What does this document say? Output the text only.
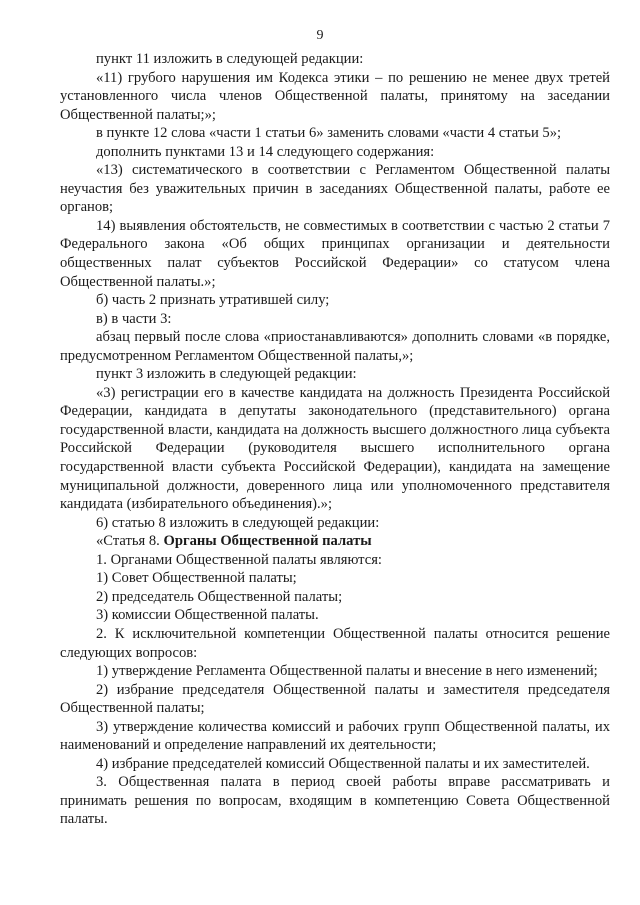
9

пункт 11 изложить в следующей редакции:

«11) грубого нарушения им Кодекса этики – по решению не менее двух третей установленного числа членов Общественной палаты, принятому на заседании Общественной палаты;»;

в пункте 12 слова «части 1 статьи 6» заменить словами «части 4 статьи 5»;

дополнить пунктами 13 и 14 следующего содержания:

«13) систематического в соответствии с Регламентом Общественной палаты неучастия без уважительных причин в заседаниях Общественной палаты, работе ее органов;

14) выявления обстоятельств, не совместимых в соответствии с частью 2 статьи 7 Федерального закона «Об общих принципах организации и деятельности общественных палат субъектов Российской Федерации» со статусом члена Общественной палаты.»;

б) часть 2 признать утратившей силу;

в) в части 3:

абзац первый после слова «приостанавливаются» дополнить словами «в порядке, предусмотренном Регламентом Общественной палаты,»;

пункт 3 изложить в следующей редакции:

«3) регистрации его в качестве кандидата на должность Президента Российской Федерации, кандидата в депутаты законодательного (представительного) органа государственной власти, кандидата на должность высшего должностного лица субъекта Российской Федерации (руководителя высшего исполнительного органа государственной власти субъекта Российской Федерации), кандидата на замещение муниципальной должности, доверенного лица или уполномоченного представителя кандидата (избирательного объединения).»;

6) статью 8 изложить в следующей редакции:

«Статья 8. Органы Общественной палаты

1. Органами Общественной палаты являются:

1) Совет Общественной палаты;

2) председатель Общественной палаты;

3) комиссии Общественной палаты.

2. К исключительной компетенции Общественной палаты относится решение следующих вопросов:

1) утверждение Регламента Общественной палаты и внесение в него изменений;

2) избрание председателя Общественной палаты и заместителя председателя Общественной палаты;

3) утверждение количества комиссий и рабочих групп Общественной палаты, их наименований и определение направлений их деятельности;

4) избрание председателей комиссий Общественной палаты и их заместителей.

3. Общественная палата в период своей работы вправе рассматривать и принимать решения по вопросам, входящим в компетенцию Совета Общественной палаты.
